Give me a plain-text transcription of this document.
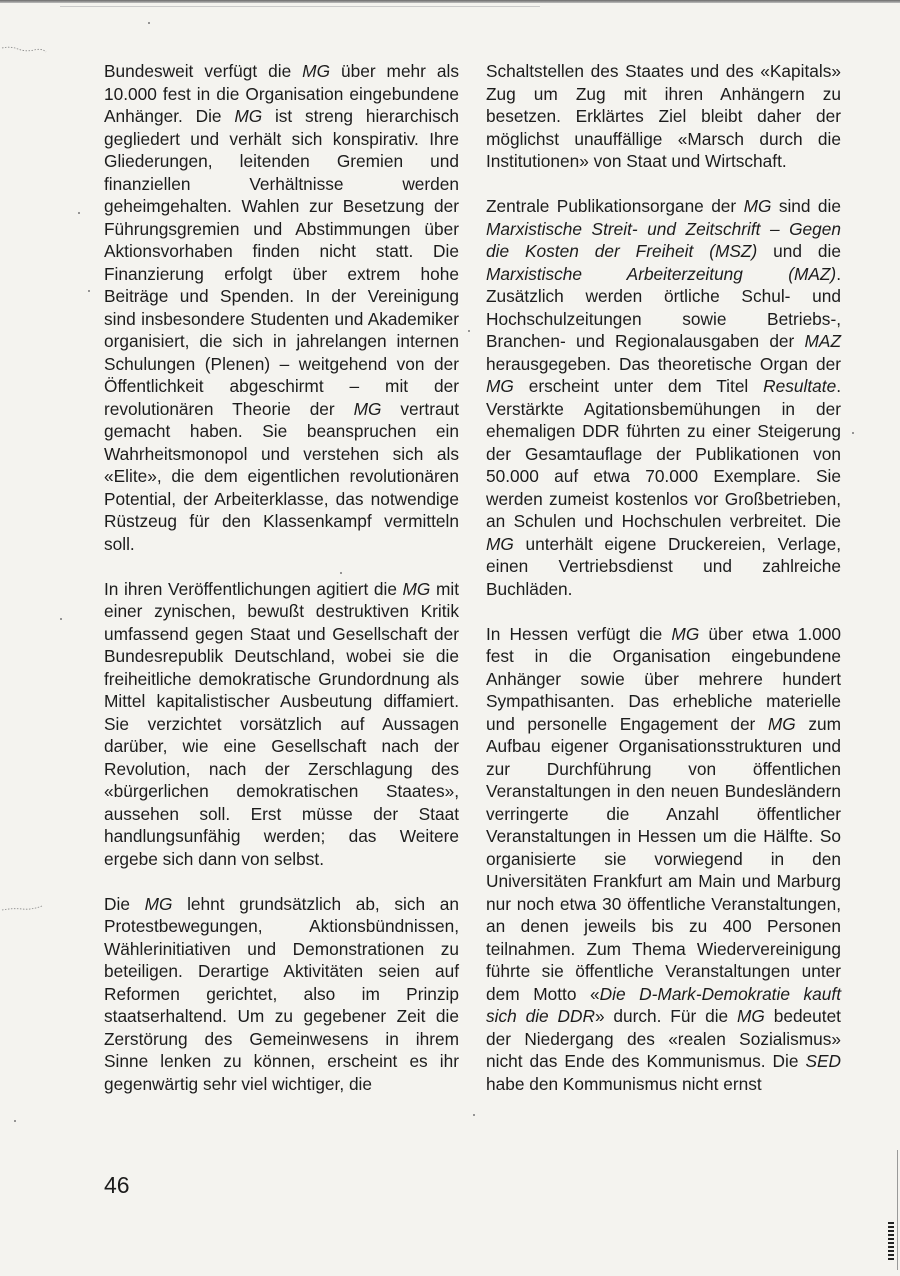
Bundesweit verfügt die MG über mehr als 10.000 fest in die Organisation eingebundene Anhänger. Die MG ist streng hierarchisch gegliedert und verhält sich konspirativ. Ihre Gliederungen, leitenden Gremien und finanziellen Verhältnisse werden geheimgehalten. Wahlen zur Besetzung der Führungsgremien und Abstimmungen über Aktionsvorhaben finden nicht statt. Die Finanzierung erfolgt über extrem hohe Beiträge und Spenden. In der Vereinigung sind insbesondere Studenten und Akademiker organisiert, die sich in jahrelangen internen Schulungen (Plenen) – weitgehend von der Öffentlichkeit abgeschirmt – mit der revolutionären Theorie der MG vertraut gemacht haben. Sie beanspruchen ein Wahrheitsmonopol und verstehen sich als «Elite», die dem eigentlichen revolutionären Potential, der Arbeiterklasse, das notwendige Rüstzeug für den Klassenkampf vermitteln soll.

In ihren Veröffentlichungen agitiert die MG mit einer zynischen, bewußt destruktiven Kritik umfassend gegen Staat und Gesellschaft der Bundesrepublik Deutschland, wobei sie die freiheitliche demokratische Grundordnung als Mittel kapitalistischer Ausbeutung diffamiert. Sie verzichtet vorsätzlich auf Aussagen darüber, wie eine Gesellschaft nach der Revolution, nach der Zerschlagung des «bürgerlichen demokratischen Staates», aussehen soll. Erst müsse der Staat handlungsunfähig werden; das Weitere ergebe sich dann von selbst.

Die MG lehnt grundsätzlich ab, sich an Protestbewegungen, Aktionsbündnissen, Wählerinitiativen und Demonstrationen zu beteiligen. Derartige Aktivitäten seien auf Reformen gerichtet, also im Prinzip staatserhaltend. Um zu gegebener Zeit die Zerstörung des Gemeinwesens in ihrem Sinne lenken zu können, erscheint es ihr gegenwärtig sehr viel wichtiger, die

Schaltstellen des Staates und des «Kapitals» Zug um Zug mit ihren Anhängern zu besetzen. Erklärtes Ziel bleibt daher der möglichst unauffällige «Marsch durch die Institutionen» von Staat und Wirtschaft.

Zentrale Publikationsorgane der MG sind die Marxistische Streit- und Zeitschrift – Gegen die Kosten der Freiheit (MSZ) und die Marxistische Arbeiterzeitung (MAZ). Zusätzlich werden örtliche Schul- und Hochschulzeitungen sowie Betriebs-, Branchen- und Regionalausgaben der MAZ herausgegeben. Das theoretische Organ der MG erscheint unter dem Titel Resultate. Verstärkte Agitationsbemühungen in der ehemaligen DDR führten zu einer Steigerung der Gesamtauflage der Publikationen von 50.000 auf etwa 70.000 Exemplare. Sie werden zumeist kostenlos vor Großbetrieben, an Schulen und Hochschulen verbreitet. Die MG unterhält eigene Druckereien, Verlage, einen Vertriebsdienst und zahlreiche Buchläden.

In Hessen verfügt die MG über etwa 1.000 fest in die Organisation eingebundene Anhänger sowie über mehrere hundert Sympathisanten. Das erhebliche materielle und personelle Engagement der MG zum Aufbau eigener Organisationsstrukturen und zur Durchführung von öffentlichen Veranstaltungen in den neuen Bundesländern verringerte die Anzahl öffentlicher Veranstaltungen in Hessen um die Hälfte. So organisierte sie vorwiegend in den Universitäten Frankfurt am Main und Marburg nur noch etwa 30 öffentliche Veranstaltungen, an denen jeweils bis zu 400 Personen teilnahmen. Zum Thema Wiedervereinigung führte sie öffentliche Veranstaltungen unter dem Motto «Die D-Mark-Demokratie kauft sich die DDR» durch. Für die MG bedeutet der Niedergang des «realen Sozialismus» nicht das Ende des Kommunismus. Die SED habe den Kommunismus nicht ernst

46
